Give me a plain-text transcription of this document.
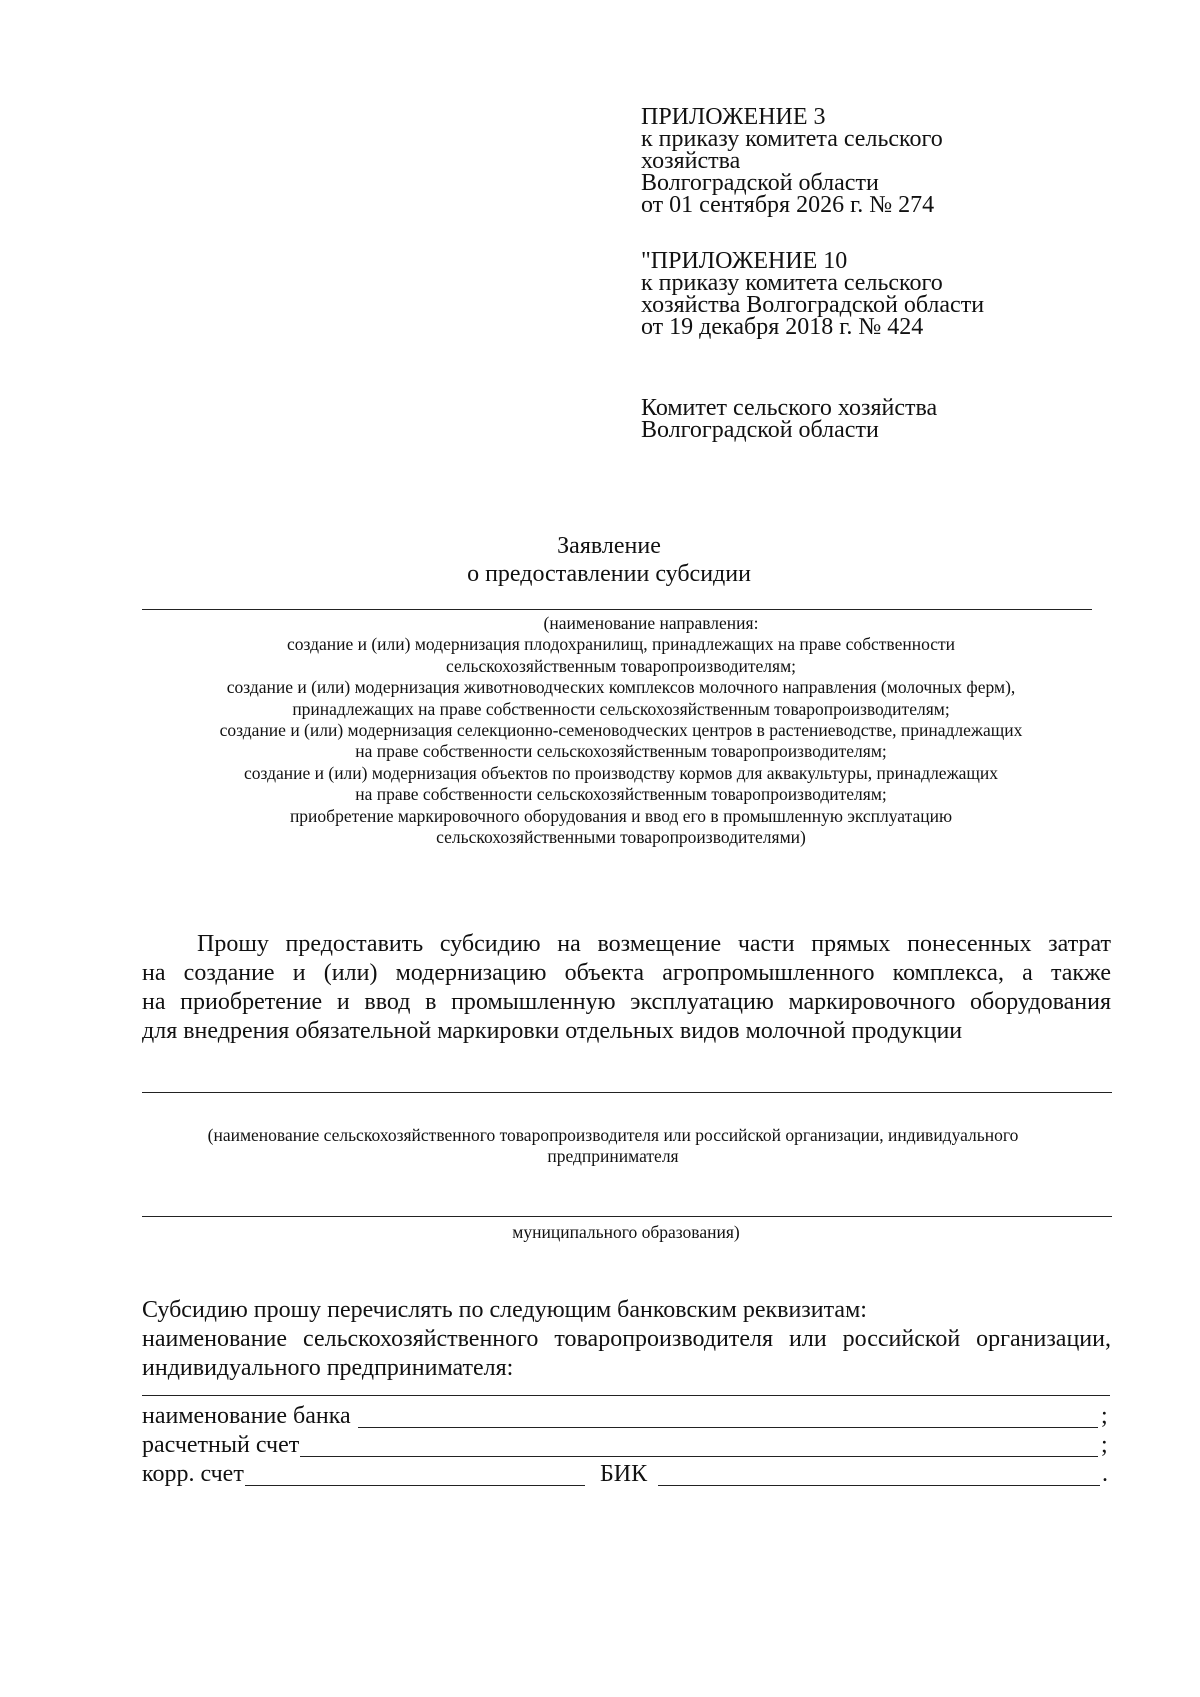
ПРИЛОЖЕНИЕ 3
к приказу комитета сельского
хозяйства
Волгоградской области
от 01 сентября 2026 г. № 274
"ПРИЛОЖЕНИЕ 10
к приказу комитета сельского
хозяйства Волгоградской области
от 19 декабря 2018 г. № 424
Комитет сельского хозяйства
Волгоградской области
Заявление
о предоставлении субсидии
(наименование направления:
создание и (или) модернизация плодохранилищ, принадлежащих на праве собственности
сельскохозяйственным товаропроизводителям;
создание и (или) модернизация животноводческих комплексов молочного направления (молочных ферм),
принадлежащих на праве собственности сельскохозяйственным товаропроизводителям;
создание и (или) модернизация селекционно-семеноводческих центров в растениеводстве, принадлежащих
на праве собственности сельскохозяйственным товаропроизводителям;
создание и (или) модернизация объектов по производству кормов для аквакультуры, принадлежащих
на праве собственности сельскохозяйственным товаропроизводителям;
приобретение маркировочного оборудования и ввод его в промышленную эксплуатацию
сельскохозяйственными товаропроизводителями)
Прошу предоставить субсидию на возмещение части прямых понесенных затрат
на создание и (или) модернизацию объекта агропромышленного комплекса, а также
на приобретение и ввод в промышленную эксплуатацию маркировочного оборудования
для внедрения обязательной маркировки отдельных видов молочной продукции
(наименование сельскохозяйственного товаропроизводителя или российской организации, индивидуального
предпринимателя
муниципального образования)
Субсидию прошу перечислять по следующим банковским реквизитам:
наименование сельскохозяйственного товаропроизводителя или российской организации,
индивидуального предпринимателя:
наименование банка	;
расчетный счет	;
корр. счет	БИК	.
